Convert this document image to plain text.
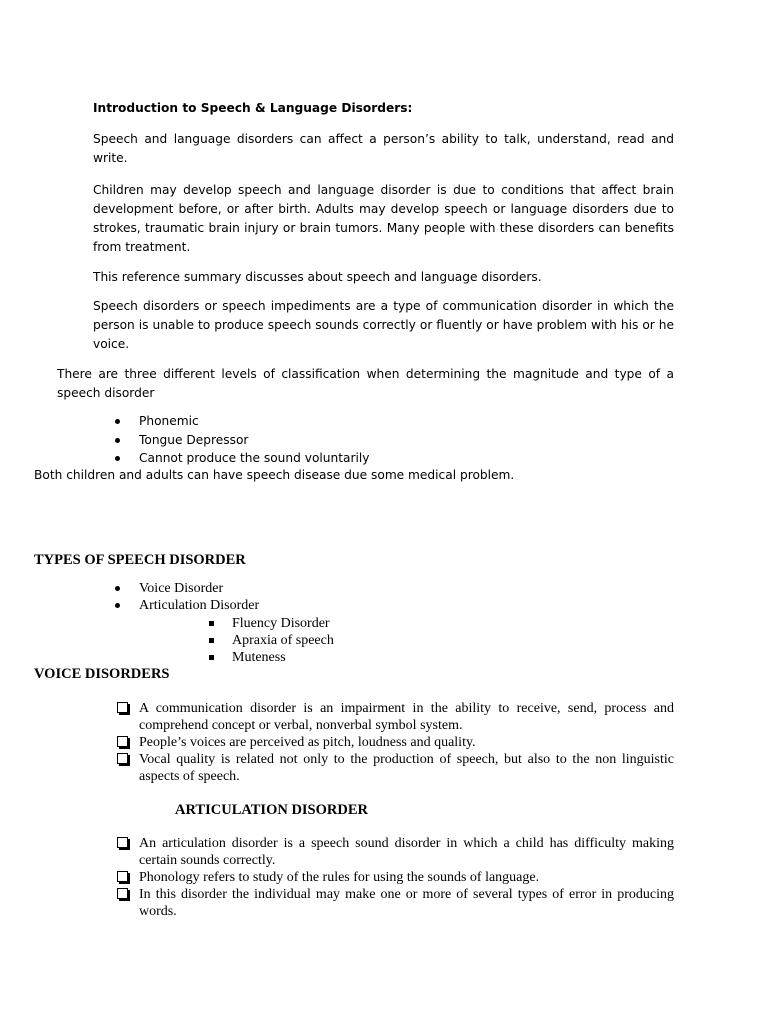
Introduction to Speech & Language Disorders:

Speech and language disorders can affect a person’s ability to talk, understand, read and write.

Children may develop speech and language disorder is due to conditions that affect brain development before, or after birth. Adults may develop speech or language disorders due to strokes, traumatic brain injury or brain tumors. Many people with these disorders can benefits from treatment.

This reference summary discusses about speech and language disorders.

Speech disorders or speech impediments are a type of communication disorder in which the person is unable to produce speech sounds correctly or fluently or have problem with his or he voice.

There are three different levels of classification when determining the magnitude and type of a speech disorder

Phonemic
Tongue Depressor
Cannot produce the sound voluntarily

Both children and adults can have speech disease due some medical problem.

TYPES OF SPEECH DISORDER

Voice Disorder
Articulation Disorder
Fluency Disorder
Apraxia of speech
Muteness

VOICE DISORDERS

A communication disorder is an impairment in the ability to receive, send, process and comprehend concept or verbal, nonverbal symbol system.
People’s voices are perceived as pitch, loudness and quality.
Vocal quality is related not only to the production of speech, but also to the non linguistic aspects of speech.

ARTICULATION DISORDER

An articulation disorder is a speech sound disorder in which a child has difficulty making certain sounds correctly.
Phonology refers to study of the rules for using the sounds of language.
In this disorder the individual may make one or more of several types of error in producing words.
